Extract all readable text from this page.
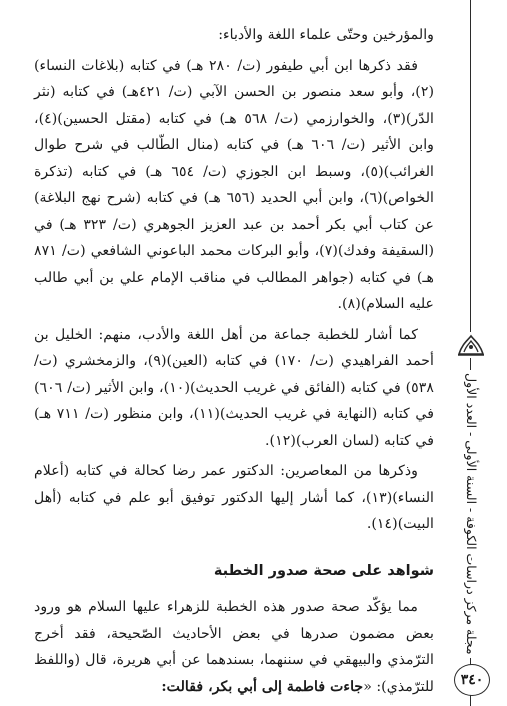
والمؤرخين وحتّى علماء اللغة والأدباء:

فقد ذكرها ابن أبي طيفور (ت/ ٢٨٠ هـ) في كتابه (بلاغات النساء)(٢)، وأبو سعد منصور بن الحسن الآبي (ت/ ٤٢١هـ) في كتابه (نثر الدّر)(٣)، والخوارزمي (ت/ ٥٦٨ هـ) في كتابه (مقتل الحسين)(٤)، وابن الأثير (ت/ ٦٠٦ هـ) في كتابه (منال الطّالب في شرح طوال الغرائب)(٥)، وسبط ابن الجوزي (ت/ ٦٥٤ هـ) في كتابه (تذكرة الخواص)(٦)، وابن أبي الحديد (٦٥٦ هـ) في كتابه (شرح نهج البلاغة) عن كتاب أبي بكر أحمد بن عبد العزيز الجوهري (ت/ ٣٢٣ هـ) في (السقيفة وفدك)(٧)، وأبو البركات محمد الباعوني الشافعي (ت/ ٨٧١ هـ) في كتابه (جواهر المطالب في مناقب الإمام علي بن أبي طالب عليه السلام)(٨).

كما أشار للخطبة جماعة من أهل اللغة والأدب، منهم: الخليل بن أحمد الفراهيدي (ت/ ١٧٠) في كتابه (العين)(٩)، والزمخشري (ت/ ٥٣٨) في كتابه (الفائق في غريب الحديث)(١٠)، وابن الأثير (ت/ ٦٠٦) في كتابه (النهاية في غريب الحديث)(١١)، وابن منظور (ت/ ٧١١ هـ) في كتابه (لسان العرب)(١٢).

وذكرها من المعاصرين: الدكتور عمر رضا كحالة في كتابه (أعلام النساء)(١٣)، كما أشار إليها الدكتور توفيق أبو علم في كتابه (أهل البيت)(١٤).

شواهد على صحة صدور الخطبة

مما يؤكّد صحة صدور هذه الخطبة للزهراء عليها السلام هو ورود بعض مضمون صدرها في بعض الأحاديث الصّحيحة، فقد أخرج الترّمذي والبيهقي في سننهما، بسندهما عن أبي هريرة، قال (واللفظ للترّمذي): «جاءت فاطمة إلى أبي بكر، فقالت:

مجلة مركز دراسات الكوفة - السنة الأولى - العدد الأول
٣٤٠
